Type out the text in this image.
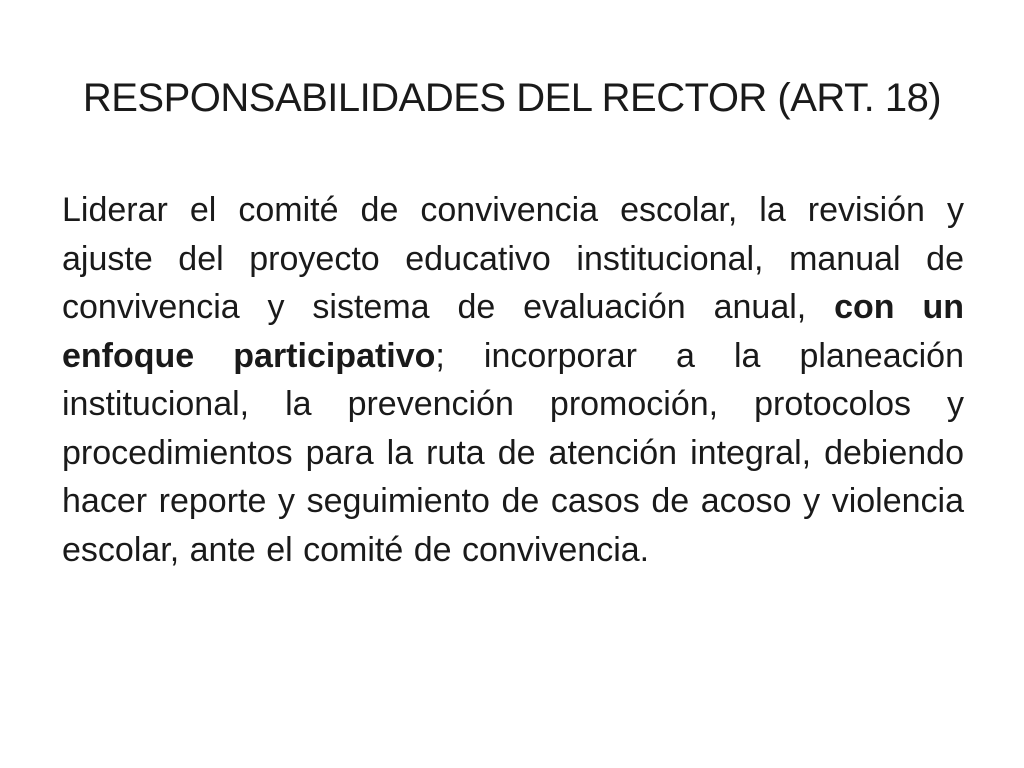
RESPONSABILIDADES DEL RECTOR (ART. 18)

Liderar el comité de convivencia escolar, la revisión y ajuste del proyecto educativo institucional, manual de convivencia y sistema de evaluación anual, con un enfoque participativo; incorporar a la planeación institucional, la prevención promoción, protocolos y procedimientos para la ruta de atención integral, debiendo hacer reporte y seguimiento de casos de acoso y violencia escolar, ante el comité de convivencia.
